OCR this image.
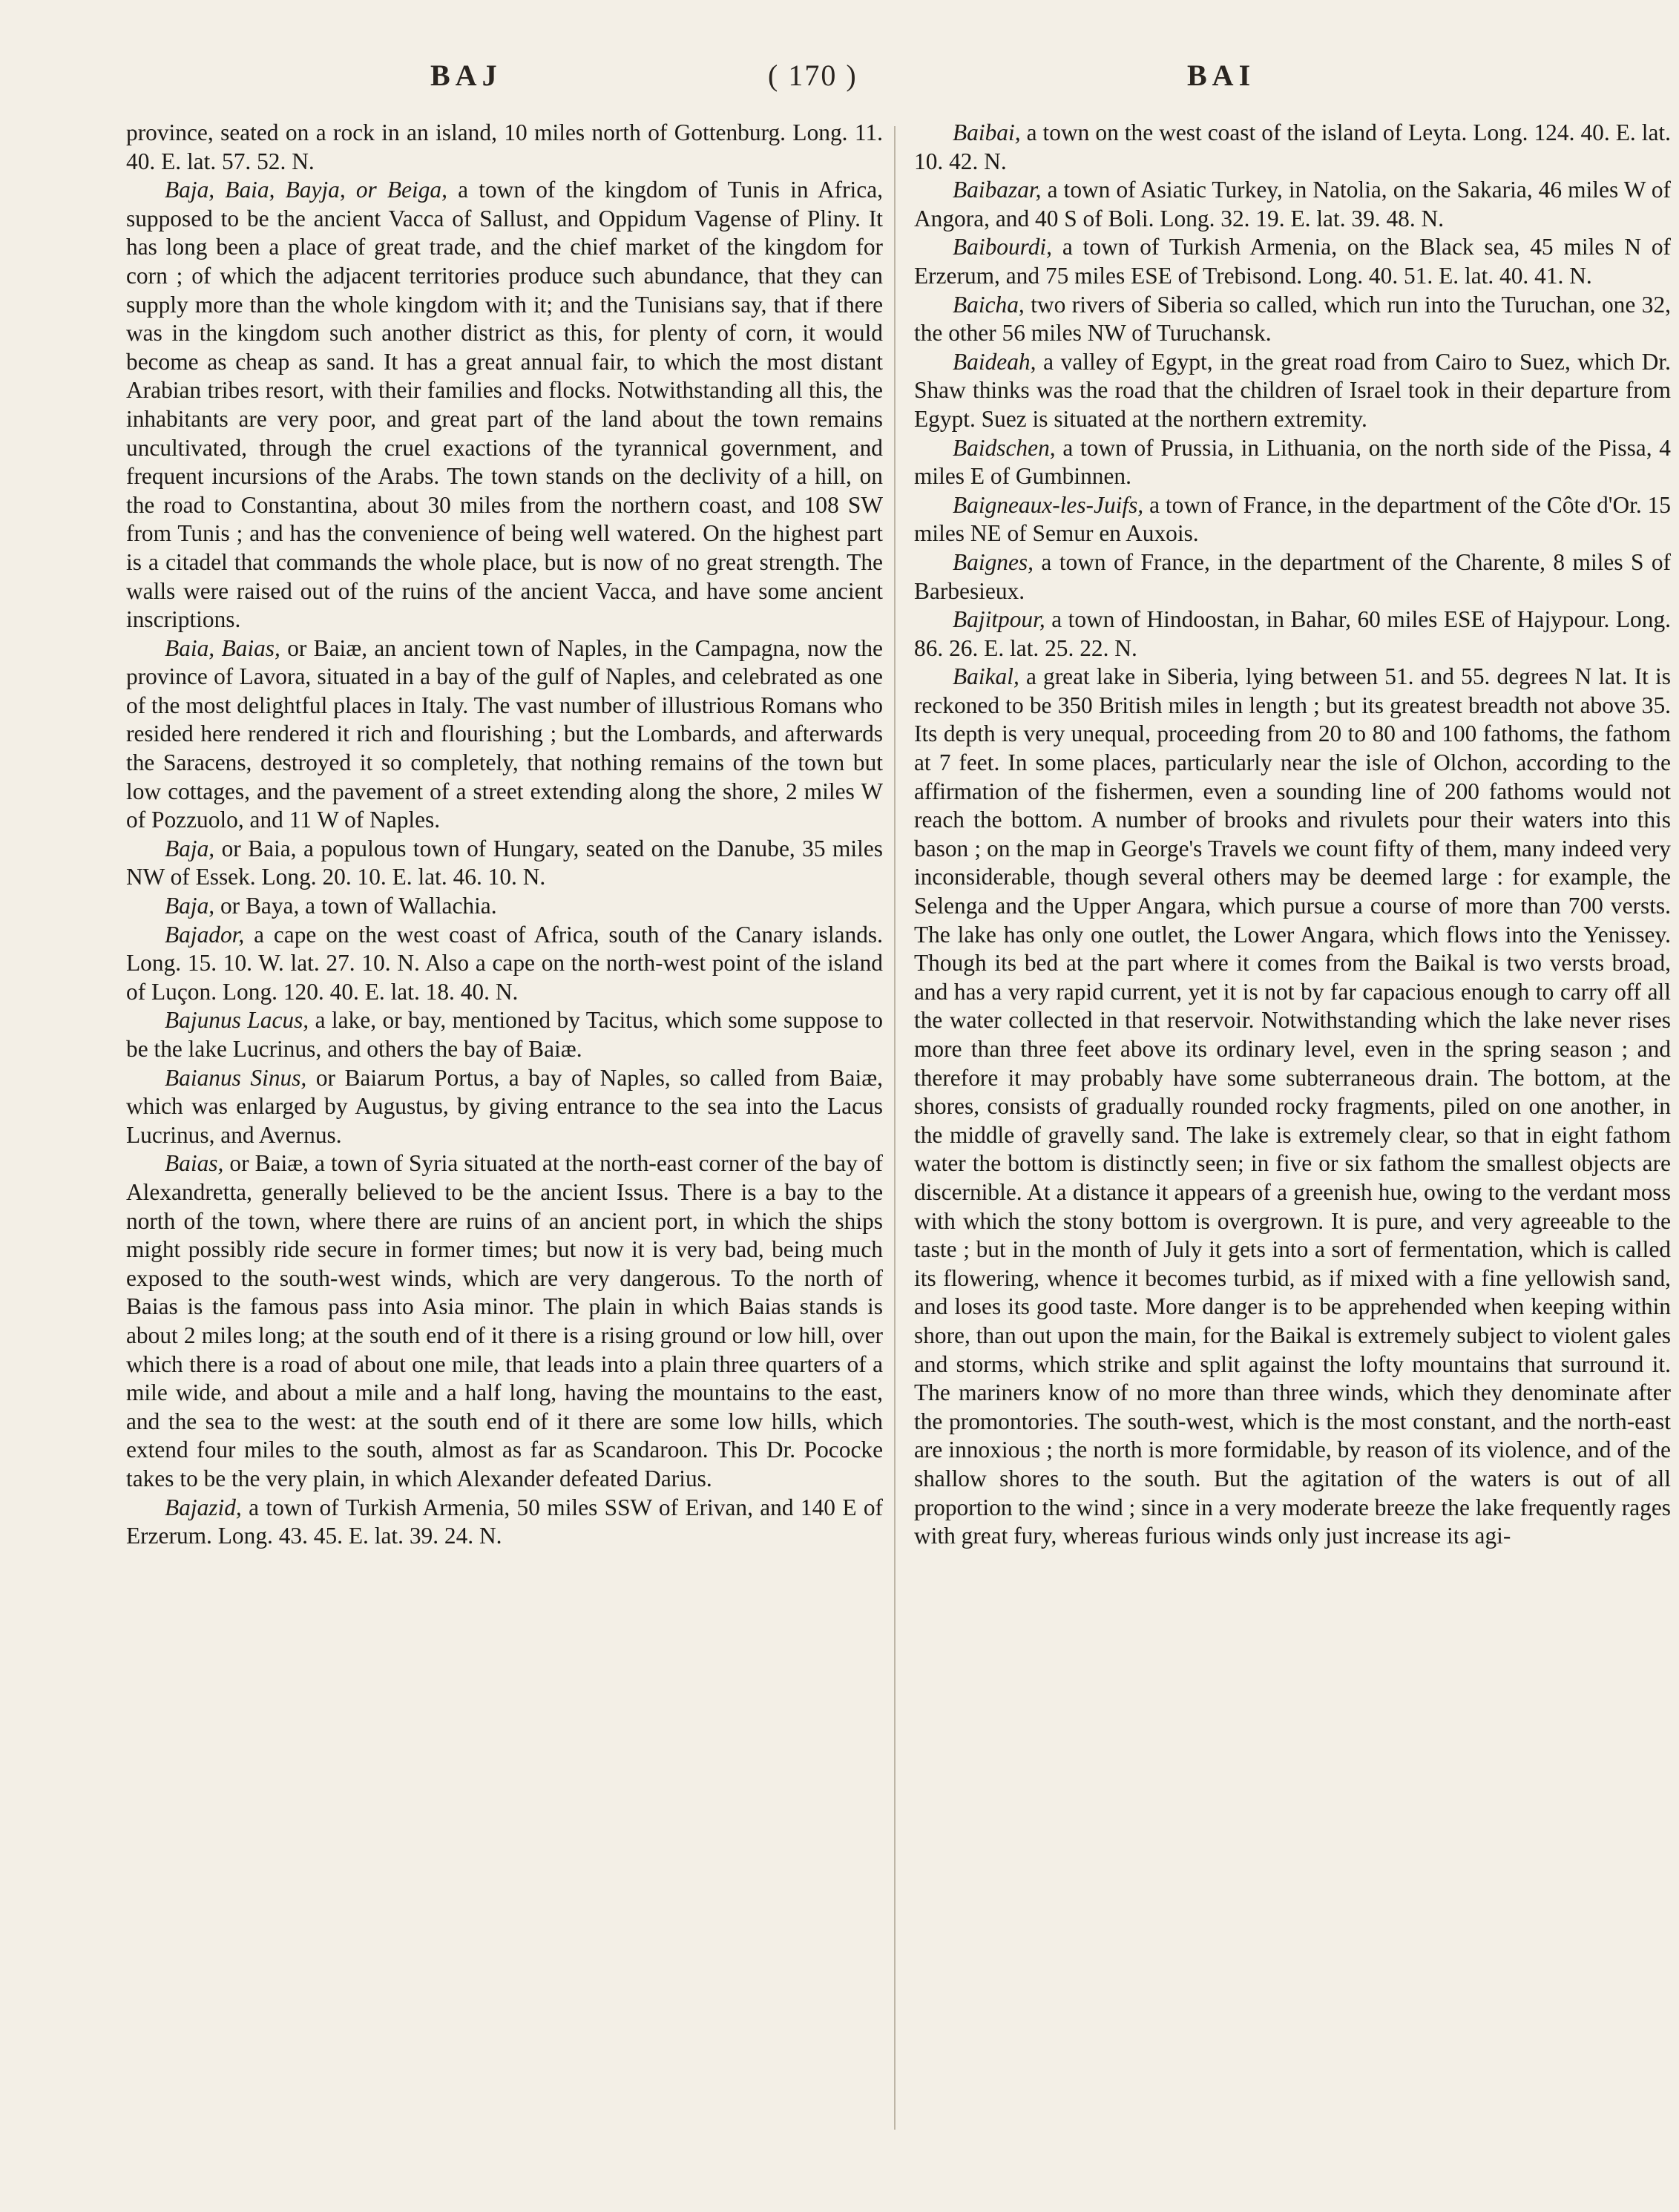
BAJ	( 170 )	BAI

province, seated on a rock in an island, 10 miles north of Gottenburg. Long. 11. 40. E. lat. 57. 52. N.

Baja, Baia, Bayja, or Beiga, a town of the kingdom of Tunis in Africa, supposed to be the ancient Vacca of Sallust, and Oppidum Vagense of Pliny. It has long been a place of great trade, and the chief market of the kingdom for corn ; of which the adjacent territories produce such abundance, that they can supply more than the whole kingdom with it; and the Tunisians say, that if there was in the kingdom such another district as this, for plenty of corn, it would become as cheap as sand. It has a great annual fair, to which the most distant Arabian tribes resort, with their families and flocks. Notwithstanding all this, the inhabitants are very poor, and great part of the land about the town remains uncultivated, through the cruel exactions of the tyrannical government, and frequent incursions of the Arabs. The town stands on the declivity of a hill, on the road to Constantina, about 30 miles from the northern coast, and 108 SW from Tunis ; and has the convenience of being well watered. On the highest part is a citadel that commands the whole place, but is now of no great strength. The walls were raised out of the ruins of the ancient Vacca, and have some ancient inscriptions.

Baia, Baias, or Baiæ, an ancient town of Naples, in the Campagna, now the province of Lavora, situated in a bay of the gulf of Naples, and celebrated as one of the most delightful places in Italy. The vast number of illustrious Romans who resided here rendered it rich and flourishing ; but the Lombards, and afterwards the Saracens, destroyed it so completely, that nothing remains of the town but low cottages, and the pavement of a street extending along the shore, 2 miles W of Pozzuolo, and 11 W of Naples.

Baja, or Baia, a populous town of Hungary, seated on the Danube, 35 miles NW of Essek. Long. 20. 10. E. lat. 46. 10. N.

Baja, or Baya, a town of Wallachia.

Bajador, a cape on the west coast of Africa, south of the Canary islands. Long. 15. 10. W. lat. 27. 10. N. Also a cape on the north-west point of the island of Luçon. Long. 120. 40. E. lat. 18. 40. N.

Bajunus Lacus, a lake, or bay, mentioned by Tacitus, which some suppose to be the lake Lucrinus, and others the bay of Baiæ.

Baianus Sinus, or Baiarum Portus, a bay of Naples, so called from Baiæ, which was enlarged by Augustus, by giving entrance to the sea into the Lacus Lucrinus, and Avernus.

Baias, or Baiæ, a town of Syria situated at the north-east corner of the bay of Alexandretta, generally believed to be the ancient Issus. There is a bay to the north of the town, where there are ruins of an ancient port, in which the ships might possibly ride secure in former times; but now it is very bad, being much exposed to the south-west winds, which are very dangerous. To the north of Baias is the famous pass into Asia minor. The plain in which Baias stands is about 2 miles long; at the south end of it there is a rising ground or low hill, over which there is a road of about one mile, that leads into a plain three quarters of a mile wide, and about a mile and a half long, having the mountains to the east, and the sea to the west: at the south end of it there are some low hills, which extend four miles to the south, almost as far as Scandaroon. This Dr. Pococke takes to be the very plain, in which Alexander defeated Darius.

Bajazid, a town of Turkish Armenia, 50 miles SSW of Erivan, and 140 E of Erzerum. Long. 43. 45. E. lat. 39. 24. N.

Baibai, a town on the west coast of the island of Leyta. Long. 124. 40. E. lat. 10. 42. N.

Baibazar, a town of Asiatic Turkey, in Natolia, on the Sakaria, 46 miles W of Angora, and 40 S of Boli. Long. 32. 19. E. lat. 39. 48. N.

Baibourdi, a town of Turkish Armenia, on the Black sea, 45 miles N of Erzerum, and 75 miles ESE of Trebisond. Long. 40. 51. E. lat. 40. 41. N.

Baicha, two rivers of Siberia so called, which run into the Turuchan, one 32, the other 56 miles NW of Turuchansk.

Baideah, a valley of Egypt, in the great road from Cairo to Suez, which Dr. Shaw thinks was the road that the children of Israel took in their departure from Egypt. Suez is situated at the northern extremity.

Baidschen, a town of Prussia, in Lithuania, on the north side of the Pissa, 4 miles E of Gumbinnen.

Baigneaux-les-Juifs, a town of France, in the department of the Côte d'Or. 15 miles NE of Semur en Auxois.

Baignes, a town of France, in the department of the Charente, 8 miles S of Barbesieux.

Bajitpour, a town of Hindoostan, in Bahar, 60 miles ESE of Hajypour. Long. 86. 26. E. lat. 25. 22. N.

Baikal, a great lake in Siberia, lying between 51. and 55. degrees N lat. It is reckoned to be 350 British miles in length ; but its greatest breadth not above 35. Its depth is very unequal, proceeding from 20 to 80 and 100 fathoms, the fathom at 7 feet. In some places, particularly near the isle of Olchon, according to the affirmation of the fishermen, even a sounding line of 200 fathoms would not reach the bottom. A number of brooks and rivulets pour their waters into this bason ; on the map in George's Travels we count fifty of them, many indeed very inconsiderable, though several others may be deemed large : for example, the Selenga and the Upper Angara, which pursue a course of more than 700 versts. The lake has only one outlet, the Lower Angara, which flows into the Yenissey. Though its bed at the part where it comes from the Baikal is two versts broad, and has a very rapid current, yet it is not by far capacious enough to carry off all the water collected in that reservoir. Notwithstanding which the lake never rises more than three feet above its ordinary level, even in the spring season ; and therefore it may probably have some subterraneous drain. The bottom, at the shores, consists of gradually rounded rocky fragments, piled on one another, in the middle of gravelly sand. The lake is extremely clear, so that in eight fathom water the bottom is distinctly seen; in five or six fathom the smallest objects are discernible. At a distance it appears of a greenish hue, owing to the verdant moss with which the stony bottom is overgrown. It is pure, and very agreeable to the taste ; but in the month of July it gets into a sort of fermentation, which is called its flowering, whence it becomes turbid, as if mixed with a fine yellowish sand, and loses its good taste. More danger is to be apprehended when keeping within shore, than out upon the main, for the Baikal is extremely subject to violent gales and storms, which strike and split against the lofty mountains that surround it. The mariners know of no more than three winds, which they denominate after the promontories. The south-west, which is the most constant, and the north-east are innoxious ; the north is more formidable, by reason of its violence, and of the shallow shores to the south. But the agitation of the waters is out of all proportion to the wind ; since in a very moderate breeze the lake frequently rages with great fury, whereas furious winds only just increase its agi-
